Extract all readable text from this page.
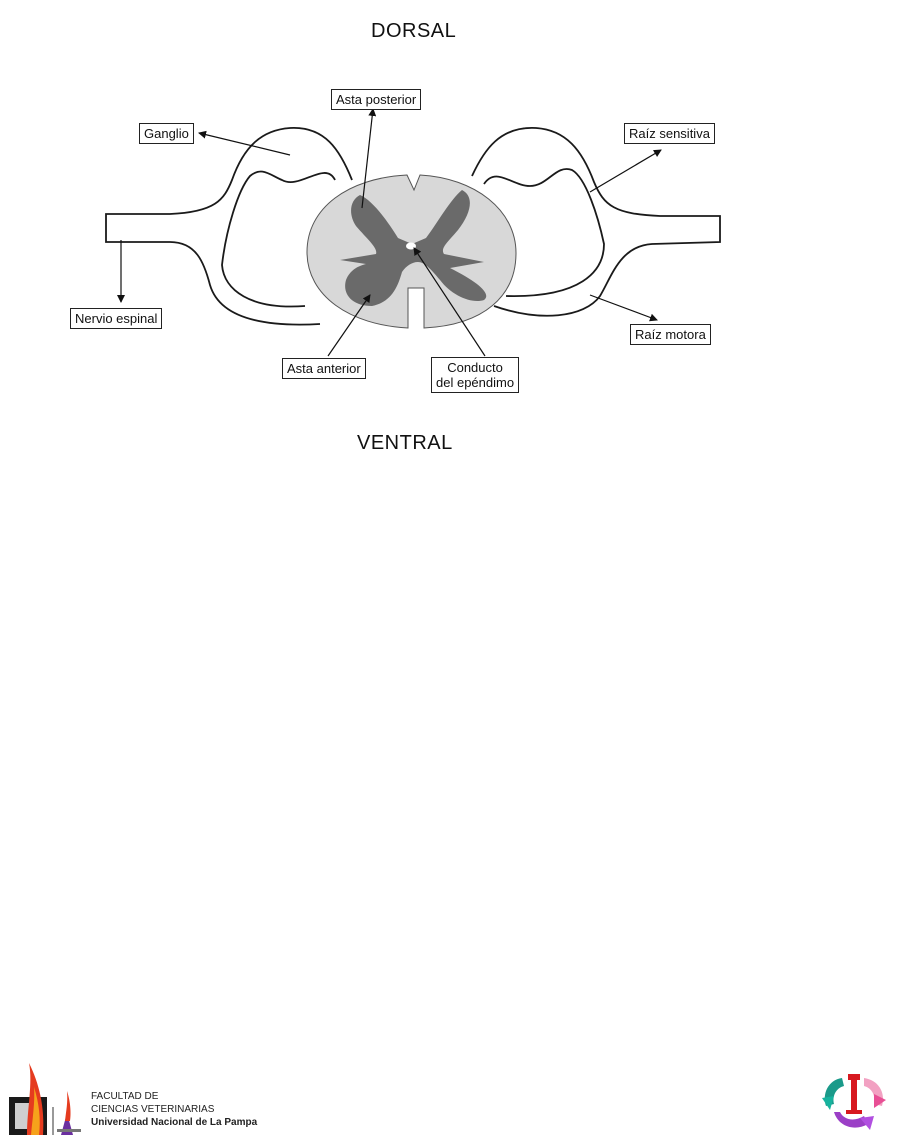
DORSAL
VENTRAL
Asta posterior
Ganglio	Raíz sensitiva
Nervio espinal
Raíz motora
Asta anterior	Conducto
del epéndimo
FACULTAD DE
CIENCIAS VETERINARIAS
Universidad Nacional de La Pampa
